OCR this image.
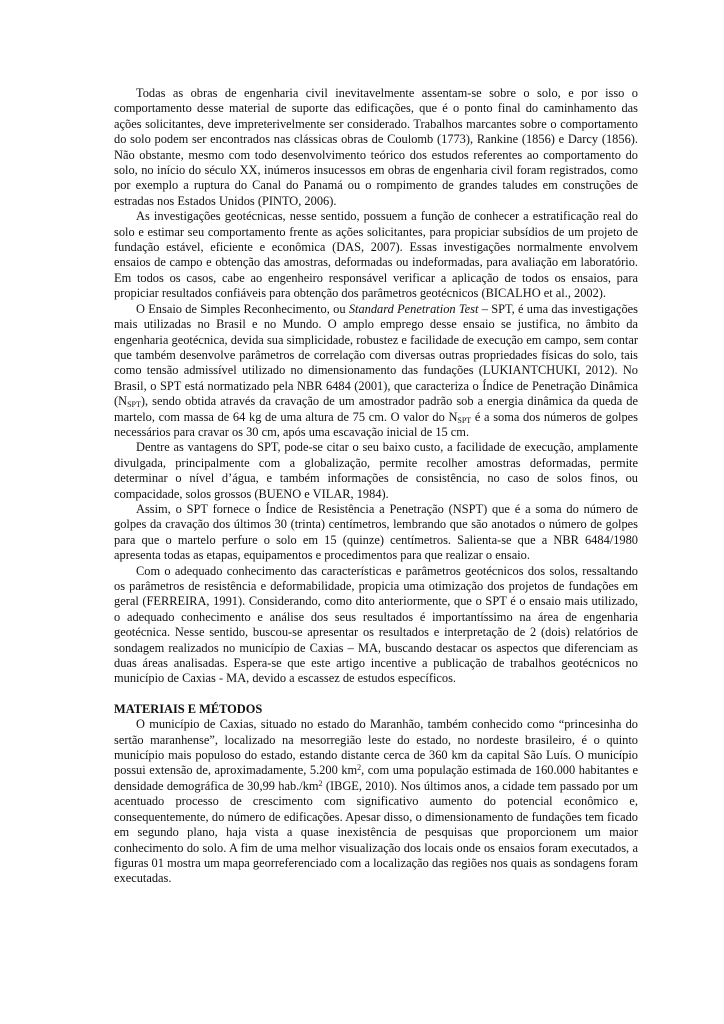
Todas as obras de engenharia civil inevitavelmente assentam-se sobre o solo, e por isso o comportamento desse material de suporte das edificações, que é o ponto final do caminhamento das ações solicitantes, deve impreterivelmente ser considerado. Trabalhos marcantes sobre o comportamento do solo podem ser encontrados nas clássicas obras de Coulomb (1773), Rankine (1856) e Darcy (1856). Não obstante, mesmo com todo desenvolvimento teórico dos estudos referentes ao comportamento do solo, no início do século XX, inúmeros insucessos em obras de engenharia civil foram registrados, como por exemplo a ruptura do Canal do Panamá ou o rompimento de grandes taludes em construções de estradas nos Estados Unidos (PINTO, 2006).

As investigações geotécnicas, nesse sentido, possuem a função de conhecer a estratificação real do solo e estimar seu comportamento frente as ações solicitantes, para propiciar subsídios de um projeto de fundação estável, eficiente e econômica (DAS, 2007). Essas investigações normalmente envolvem ensaios de campo e obtenção das amostras, deformadas ou indeformadas, para avaliação em laboratório. Em todos os casos, cabe ao engenheiro responsável verificar a aplicação de todos os ensaios, para propiciar resultados confiáveis para obtenção dos parâmetros geotécnicos (BICALHO et al., 2002).

O Ensaio de Simples Reconhecimento, ou Standard Penetration Test – SPT, é uma das investigações mais utilizadas no Brasil e no Mundo. O amplo emprego desse ensaio se justifica, no âmbito da engenharia geotécnica, devida sua simplicidade, robustez e facilidade de execução em campo, sem contar que também desenvolve parâmetros de correlação com diversas outras propriedades físicas do solo, tais como tensão admissível utilizado no dimensionamento das fundações (LUKIANTCHUKI, 2012). No Brasil, o SPT está normatizado pela NBR 6484 (2001), que caracteriza o Índice de Penetração Dinâmica $(N_{SPT})$, sendo obtida através da cravação de um amostrador padrão sob a energia dinâmica da queda de martelo, com massa de 64 kg de uma altura de 75 cm. O valor do $N_{SPT}$ é a soma dos números de golpes necessários para cravar os 30 cm, após uma escavação inicial de 15 cm.

Dentre as vantagens do SPT, pode-se citar o seu baixo custo, a facilidade de execução, amplamente divulgada, principalmente com a globalização, permite recolher amostras deformadas, permite determinar o nível d’água, e também informações de consistência, no caso de solos finos, ou compacidade, solos grossos (BUENO e VILAR, 1984).

Assim, o SPT fornece o Índice de Resistência a Penetração (NSPT) que é a soma do número de golpes da cravação dos últimos 30 (trinta) centímetros, lembrando que são anotados o número de golpes para que o martelo perfure o solo em 15 (quinze) centímetros. Salienta-se que a NBR 6484/1980 apresenta todas as etapas, equipamentos e procedimentos para que realizar o ensaio.

Com o adequado conhecimento das características e parâmetros geotécnicos dos solos, ressaltando os parâmetros de resistência e deformabilidade, propicia uma otimização dos projetos de fundações em geral (FERREIRA, 1991). Considerando, como dito anteriormente, que o SPT é o ensaio mais utilizado, o adequado conhecimento e análise dos seus resultados é importantíssimo na área de engenharia geotécnica. Nesse sentido, buscou-se apresentar os resultados e interpretação de 2 (dois) relatórios de sondagem realizados no município de Caxias – MA, buscando destacar os aspectos que diferenciam as duas áreas analisadas. Espera-se que este artigo incentive a publicação de trabalhos geotécnicos no município de Caxias - MA, devido a escassez de estudos específicos.

MATERIAIS E MÉTODOS

O município de Caxias, situado no estado do Maranhão, também conhecido como “princesinha do sertão maranhense”, localizado na mesorregião leste do estado, no nordeste brasileiro, é o quinto município mais populoso do estado, estando distante cerca de 360 km da capital São Luís. O município possui extensão de, aproximadamente, 5.200 $km^2$, com uma população estimada de 160.000 habitantes e densidade demográfica de 30,99 $hab./km^2$ (IBGE, 2010). Nos últimos anos, a cidade tem passado por um acentuado processo de crescimento com significativo aumento do potencial econômico e, consequentemente, do número de edificações. Apesar disso, o dimensionamento de fundações tem ficado em segundo plano, haja vista a quase inexistência de pesquisas que proporcionem um maior conhecimento do solo. A fim de uma melhor visualização dos locais onde os ensaios foram executados, a figuras 01 mostra um mapa georreferenciado com a localização das regiões nos quais as sondagens foram executadas.
